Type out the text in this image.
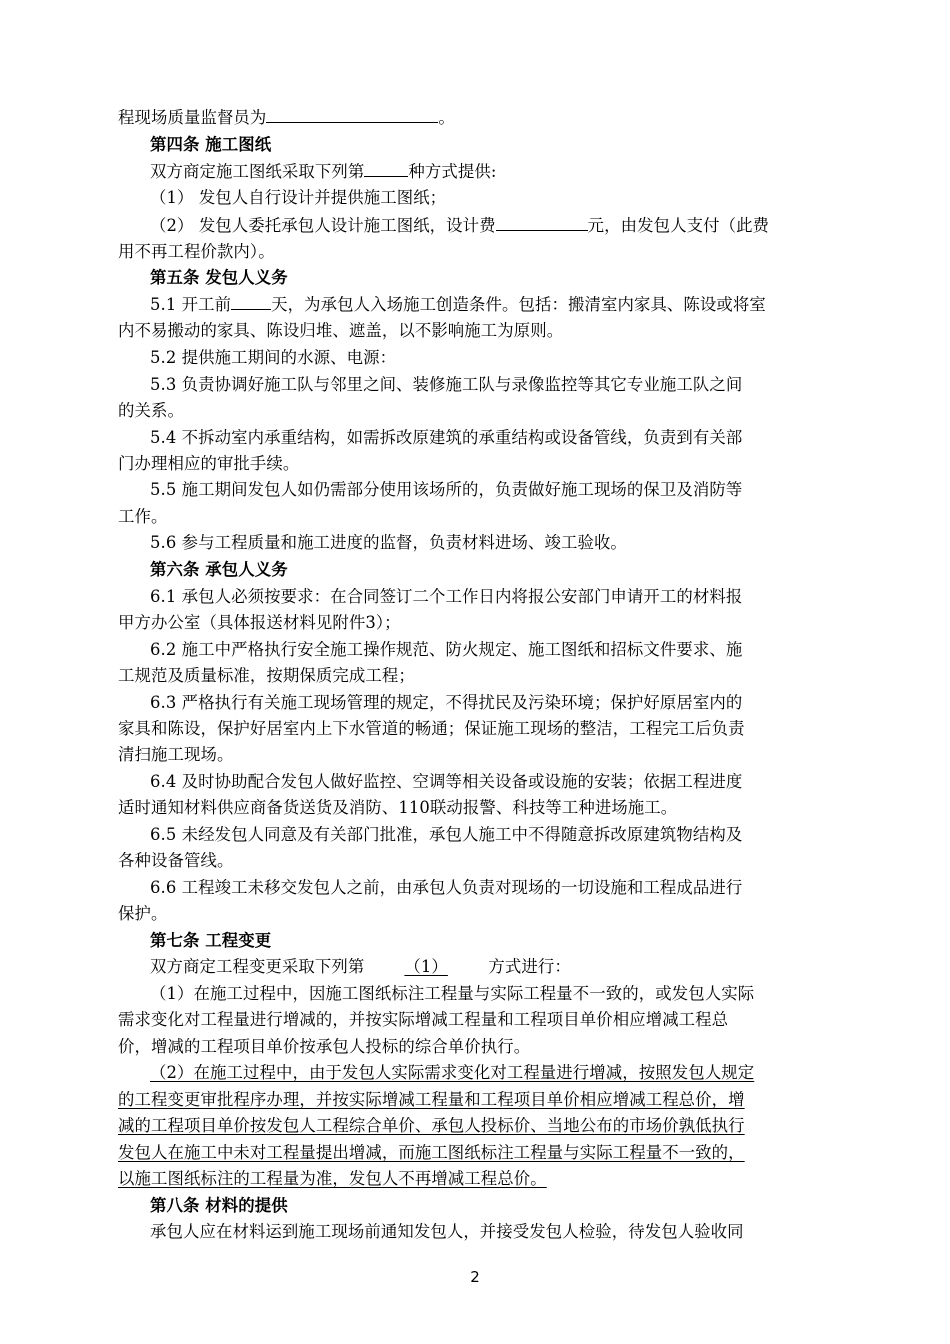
程现场质量监督员为	。
第四条 施工图纸
双方商定施工图纸采取下列第	种方式提供:
（1） 发包人自行设计并提供施工图纸；
（2） 发包人委托承包人设计施工图纸，设计费	元，由发包人支付（此费
用不再工程价款内）。
第五条 发包人义务
5.1 开工前 天，为承包人入场施工创造条件。包括：搬清室内家具、陈设或将室
内不易搬动的家具、陈设归堆、遮盖，以不影响施工为原则。
5.2 提供施工期间的水源、电源：
5.3 负责协调好施工队与邻里之间、装修施工队与录像监控等其它专业施工队之间
的关系。
5.4 不拆动室内承重结构，如需拆改原建筑的承重结构或设备管线，负责到有关部
门办理相应的审批手续。
5.5 施工期间发包人如仍需部分使用该场所的，负责做好施工现场的保卫及消防等
工作。
5.6 参与工程质量和施工进度的监督，负责材料进场、竣工验收。
第六条 承包人义务
6.1 承包人必须按要求：在合同签订二个工作日内将报公安部门申请开工的材料报
甲方办公室（具体报送材料见附件3）；
6.2 施工中严格执行安全施工操作规范、防火规定、施工图纸和招标文件要求、施
工规范及质量标准，按期保质完成工程；
6.3 严格执行有关施工现场管理的规定，不得扰民及污染环境；保护好原居室内的
家具和陈设，保护好居室内上下水管道的畅通；保证施工现场的整洁，工程完工后负责
清扫施工现场。
6.4 及时协助配合发包人做好监控、空调等相关设备或设施的安装；依据工程进度
适时通知材料供应商备货送货及消防、110联动报警、科技等工种进场施工。
6.5 未经发包人同意及有关部门批准，承包人施工中不得随意拆改原建筑物结构及
各种设备管线。
6.6 工程竣工未移交发包人之前，由承包人负责对现场的一切设施和工程成品进行
保护。
第七条 工程变更
双方商定工程变更采取下列第 （1） 方式进行：
（1）在施工过程中，因施工图纸标注工程量与实际工程量不一致的，或发包人实际
需求变化对工程量进行增减的，并按实际增减工程量和工程项目单价相应增减工程总
价，增减的工程项目单价按承包人投标的综合单价执行。
（2）在施工过程中，由于发包人实际需求变化对工程量进行增减，按照发包人规定
的工程变更审批程序办理，并按实际增减工程量和工程项目单价相应增减工程总价，增
减的工程项目单价按发包人工程综合单价、承包人投标价、当地公布的市场价孰低执行
发包人在施工中未对工程量提出增减，而施工图纸标注工程量与实际工程量不一致的，
以施工图纸标注的工程量为准，发包人不再增减工程总价。
第八条 材料的提供
承包人应在材料运到施工现场前通知发包人，并接受发包人检验，待发包人验收同
2
